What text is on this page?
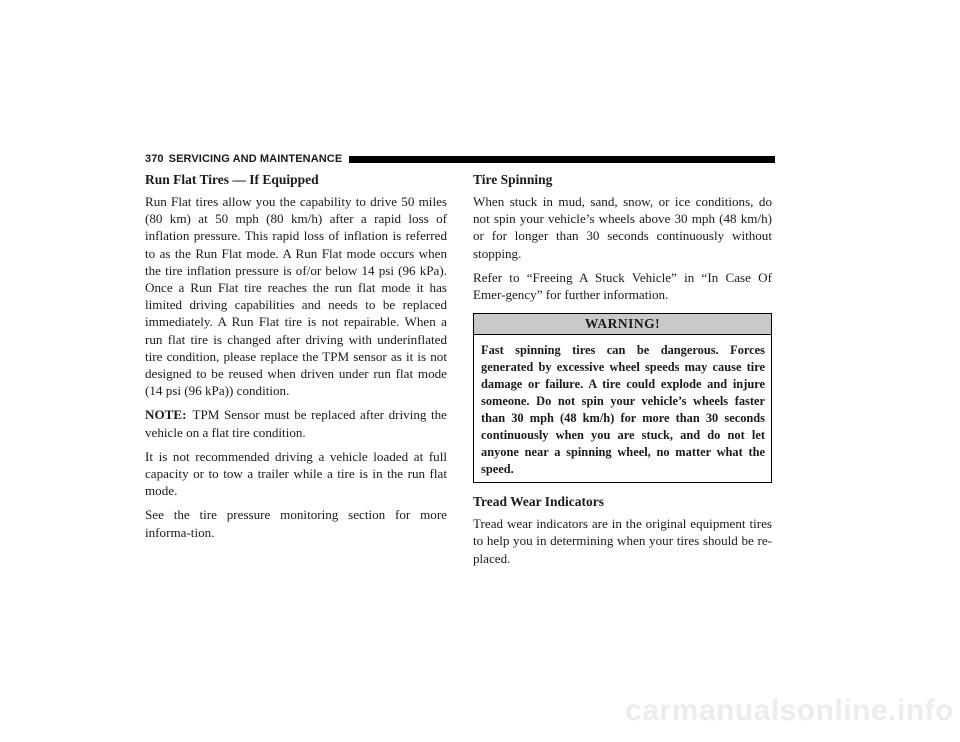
370 SERVICING AND MAINTENANCE
Run Flat Tires — If Equipped

Run Flat tires allow you the capability to drive 50 miles (80 km) at 50 mph (80 km/h) after a rapid loss of inflation pressure. This rapid loss of inflation is referred to as the Run Flat mode. A Run Flat mode occurs when the tire inflation pressure is of/or below 14 psi (96 kPa). Once a Run Flat tire reaches the run flat mode it has limited driving capabilities and needs to be replaced immediately. A Run Flat tire is not repairable. When a run flat tire is changed after driving with underinflated tire condition, please replace the TPM sensor as it is not designed to be reused when driven under run flat mode (14 psi (96 kPa)) condition.

NOTE: TPM Sensor must be replaced after driving the vehicle on a flat tire condition.

It is not recommended driving a vehicle loaded at full capacity or to tow a trailer while a tire is in the run flat mode.

See the tire pressure monitoring section for more informa-tion.

Tire Spinning

When stuck in mud, sand, snow, or ice conditions, do not spin your vehicle’s wheels above 30 mph (48 km/h) or for longer than 30 seconds continuously without stopping.

Refer to “Freeing A Stuck Vehicle” in “In Case Of Emer-gency” for further information.

WARNING!
Fast spinning tires can be dangerous. Forces generated by excessive wheel speeds may cause tire damage or failure. A tire could explode and injure someone. Do not spin your vehicle’s wheels faster than 30 mph (48 km/h) for more than 30 seconds continuously when you are stuck, and do not let anyone near a spinning wheel, no matter what the speed.
Tread Wear Indicators

Tread wear indicators are in the original equipment tires to help you in determining when your tires should be re-placed.

carmanualsonline.info
